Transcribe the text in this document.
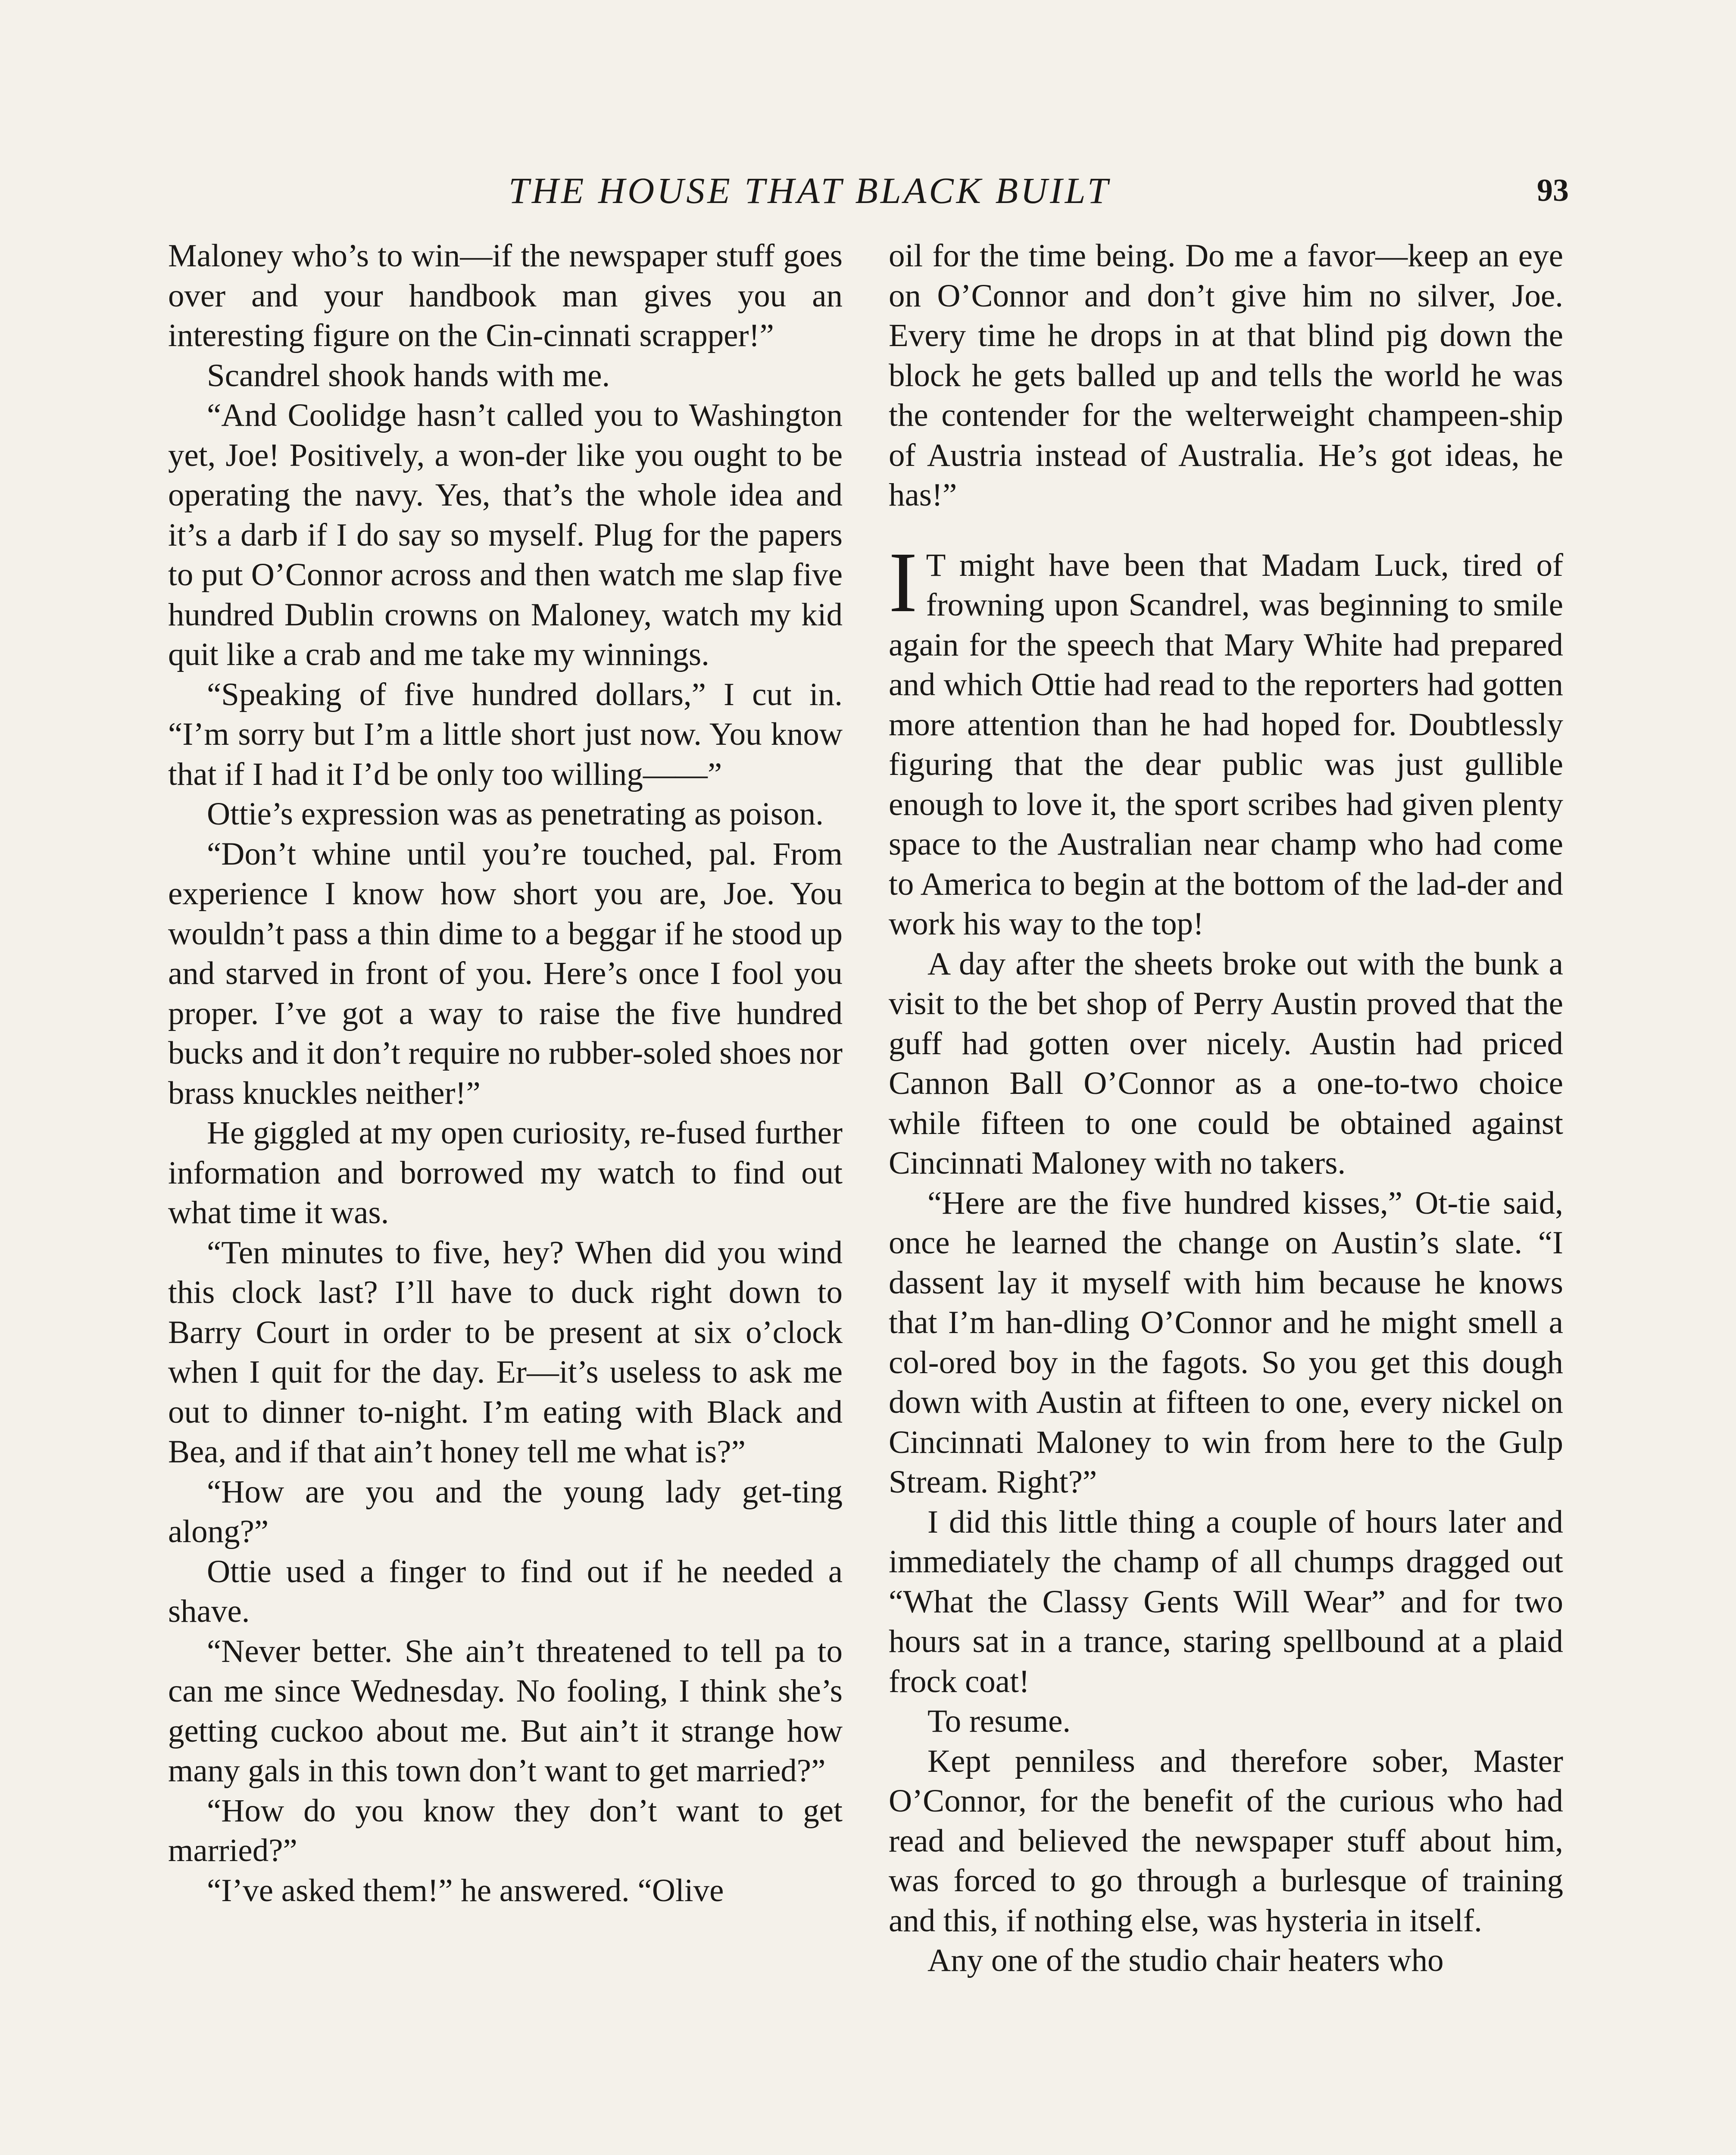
THE HOUSE THAT BLACK BUILT	93

Maloney who’s to win—if the newspaper stuff goes over and your handbook man gives you an interesting figure on the Cin-cinnati scrapper!”

Scandrel shook hands with me.

“And Coolidge hasn’t called you to Washington yet, Joe! Positively, a won-der like you ought to be operating the navy. Yes, that’s the whole idea and it’s a darb if I do say so myself. Plug for the papers to put O’Connor across and then watch me slap five hundred Dublin crowns on Maloney, watch my kid quit like a crab and me take my winnings.

“Speaking of five hundred dollars,” I cut in. “I’m sorry but I’m a little short just now. You know that if I had it I’d be only too willing——”

Ottie’s expression was as penetrating as poison.

“Don’t whine until you’re touched, pal. From experience I know how short you are, Joe. You wouldn’t pass a thin dime to a beggar if he stood up and starved in front of you. Here’s once I fool you proper. I’ve got a way to raise the five hundred bucks and it don’t require no rubber-soled shoes nor brass knuckles neither!”

He giggled at my open curiosity, re-fused further information and borrowed my watch to find out what time it was.

“Ten minutes to five, hey? When did you wind this clock last? I’ll have to duck right down to Barry Court in order to be present at six o’clock when I quit for the day. Er—it’s useless to ask me out to dinner to-night. I’m eating with Black and Bea, and if that ain’t honey tell me what is?”

“How are you and the young lady get-ting along?”

Ottie used a finger to find out if he needed a shave.

“Never better. She ain’t threatened to tell pa to can me since Wednesday. No fooling, I think she’s getting cuckoo about me. But ain’t it strange how many gals in this town don’t want to get married?”

“How do you know they don’t want to get married?”

“I’ve asked them!” he answered. “Olive

oil for the time being. Do me a favor—keep an eye on O’Connor and don’t give him no silver, Joe. Every time he drops in at that blind pig down the block he gets balled up and tells the world he was the contender for the welterweight champeen-ship of Austria instead of Australia. He’s got ideas, he has!”

I T might have been that Madam Luck, tired of frowning upon Scandrel, was beginning to smile again for the speech that Mary White had prepared and which Ottie had read to the reporters had gotten more attention than he had hoped for. Doubtlessly figuring that the dear public was just gullible enough to love it, the sport scribes had given plenty space to the Australian near champ who had come to America to begin at the bottom of the lad-der and work his way to the top!

A day after the sheets broke out with the bunk a visit to the bet shop of Perry Austin proved that the guff had gotten over nicely. Austin had priced Cannon Ball O’Connor as a one-to-two choice while fifteen to one could be obtained against Cincinnati Maloney with no takers.

“Here are the five hundred kisses,” Ot-tie said, once he learned the change on Austin’s slate. “I dassent lay it myself with him because he knows that I’m han-dling O’Connor and he might smell a col-ored boy in the fagots. So you get this dough down with Austin at fifteen to one, every nickel on Cincinnati Maloney to win from here to the Gulp Stream. Right?”

I did this little thing a couple of hours later and immediately the champ of all chumps dragged out “What the Classy Gents Will Wear” and for two hours sat in a trance, staring spellbound at a plaid frock coat!

To resume.

Kept penniless and therefore sober, Master O’Connor, for the benefit of the curious who had read and believed the newspaper stuff about him, was forced to go through a burlesque of training and this, if nothing else, was hysteria in itself.

Any one of the studio chair heaters who
